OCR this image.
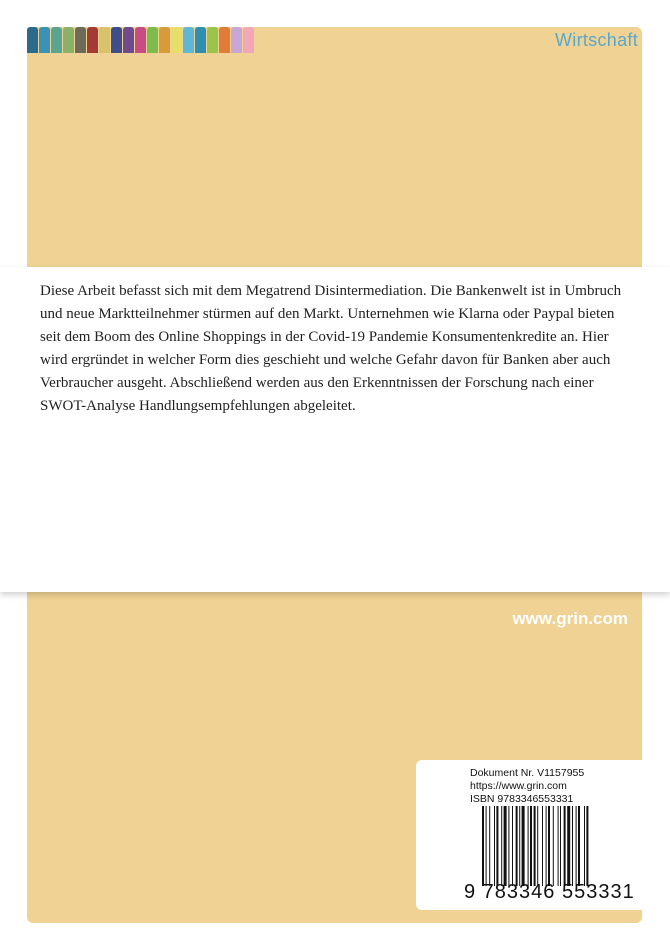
Wirtschaft

Diese Arbeit befasst sich mit dem Megatrend Disintermediation. Die Bankenwelt ist in Umbruch und neue Marktteilnehmer stürmen auf den Markt. Unternehmen wie Klarna oder Paypal bieten seit dem Boom des Online Shoppings in der Covid-19 Pandemie Konsumentenkredite an. Hier wird ergründet in welcher Form dies geschieht und welche Gefahr davon für Banken aber auch Verbraucher ausgeht. Abschließend werden aus den Erkenntnissen der Forschung nach einer SWOT-Analyse Handlungsempfehlungen abgeleitet.

www.grin.com
Dokument Nr. V1157955
https://www.grin.com
ISBN 9783346553331
9 783346 553331
